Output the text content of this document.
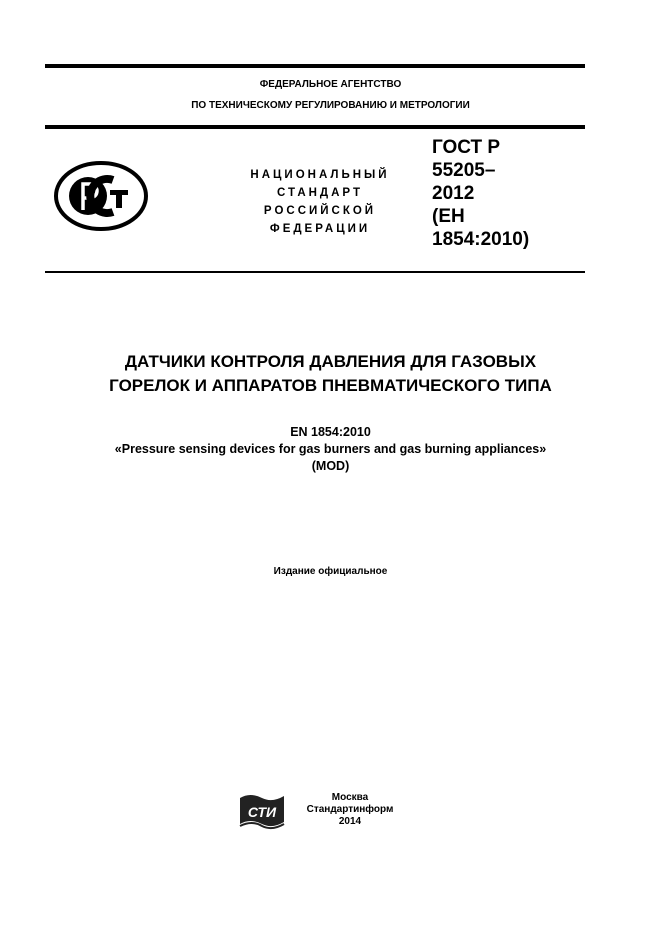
ФЕДЕРАЛЬНОЕ АГЕНТСТВО
ПО ТЕХНИЧЕСКОМУ РЕГУЛИРОВАНИЮ И МЕТРОЛОГИИ
НАЦИОНАЛЬНЫЙ
СТАНДАРТ
РОССИЙСКОЙ
ФЕДЕРАЦИИ
ГОСТ Р
55205–
2012
(ЕН
1854:2010)
ДАТЧИКИ КОНТРОЛЯ ДАВЛЕНИЯ ДЛЯ ГАЗОВЫХ
ГОРЕЛОК И АППАРАТОВ ПНЕВМАТИЧЕСКОГО ТИПА
EN 1854:2010
«Pressure sensing devices for gas burners and gas burning appliances»
(MOD)
Издание официальное
СТИ
Москва
Стандартинформ
2014
